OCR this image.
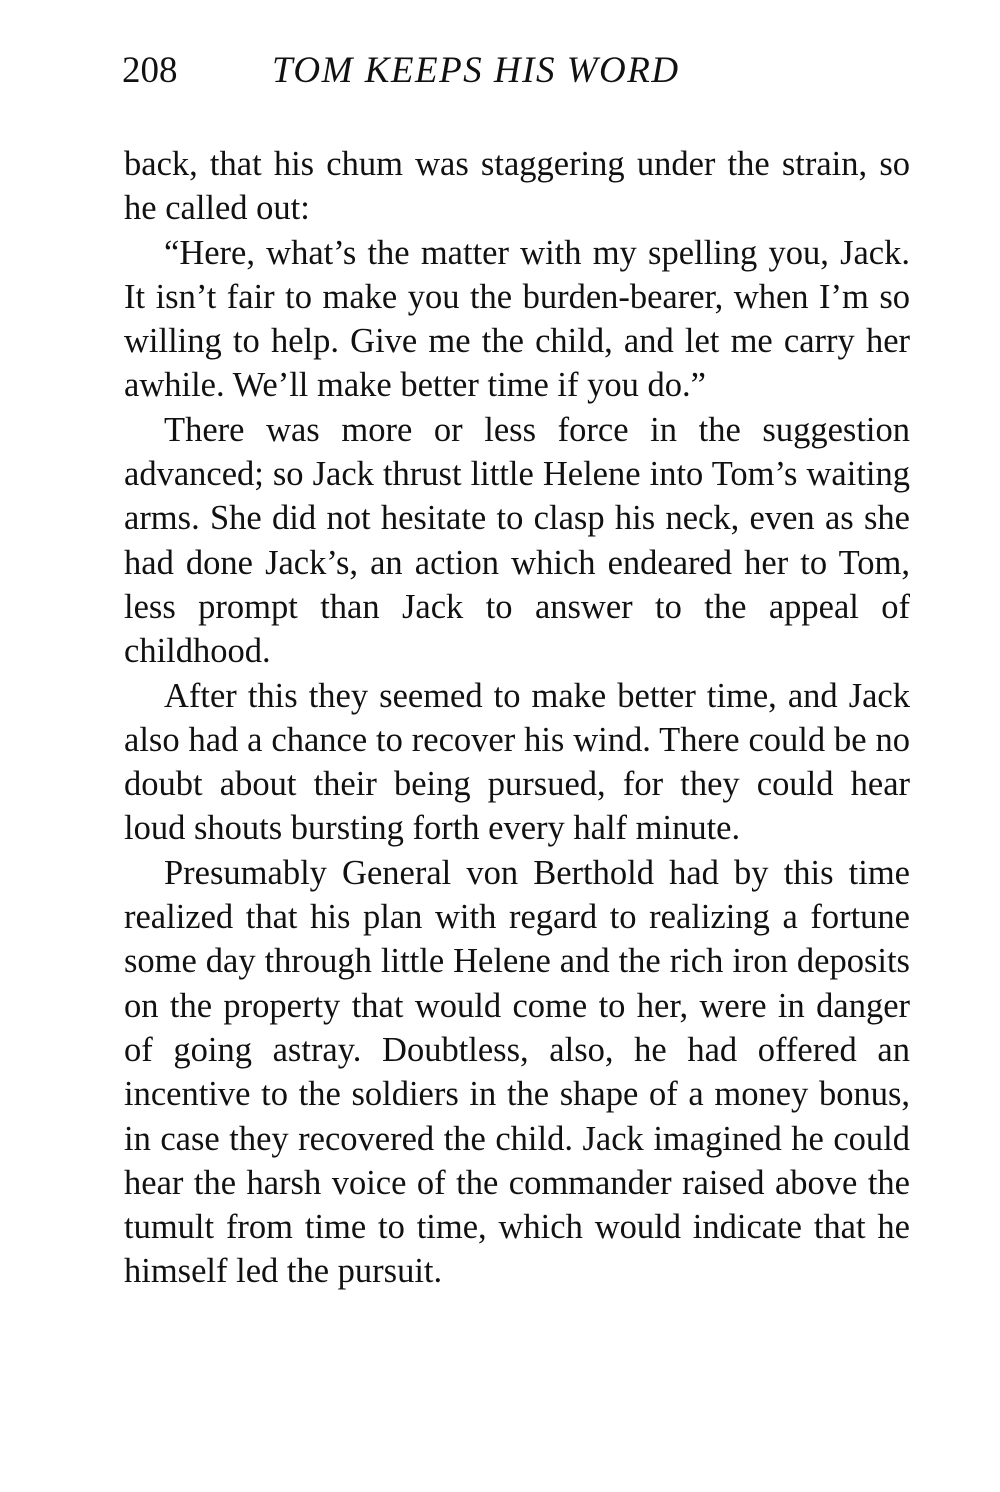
208	TOM KEEPS HIS WORD

back, that his chum was staggering under the strain, so he called out:

“Here, what’s the matter with my spelling you, Jack. It isn’t fair to make you the burden-bearer, when I’m so willing to help. Give me the child, and let me carry her awhile. We’ll make better time if you do.”

There was more or less force in the suggestion advanced; so Jack thrust little Helene into Tom’s waiting arms. She did not hesitate to clasp his neck, even as she had done Jack’s, an action which endeared her to Tom, less prompt than Jack to answer to the appeal of childhood.

After this they seemed to make better time, and Jack also had a chance to recover his wind. There could be no doubt about their being pursued, for they could hear loud shouts bursting forth every half minute.

Presumably General von Berthold had by this time realized that his plan with regard to realizing a fortune some day through little Helene and the rich iron deposits on the property that would come to her, were in danger of going astray. Doubtless, also, he had offered an incentive to the soldiers in the shape of a money bonus, in case they recovered the child. Jack imagined he could hear the harsh voice of the commander raised above the tumult from time to time, which would indicate that he himself led the pursuit.
